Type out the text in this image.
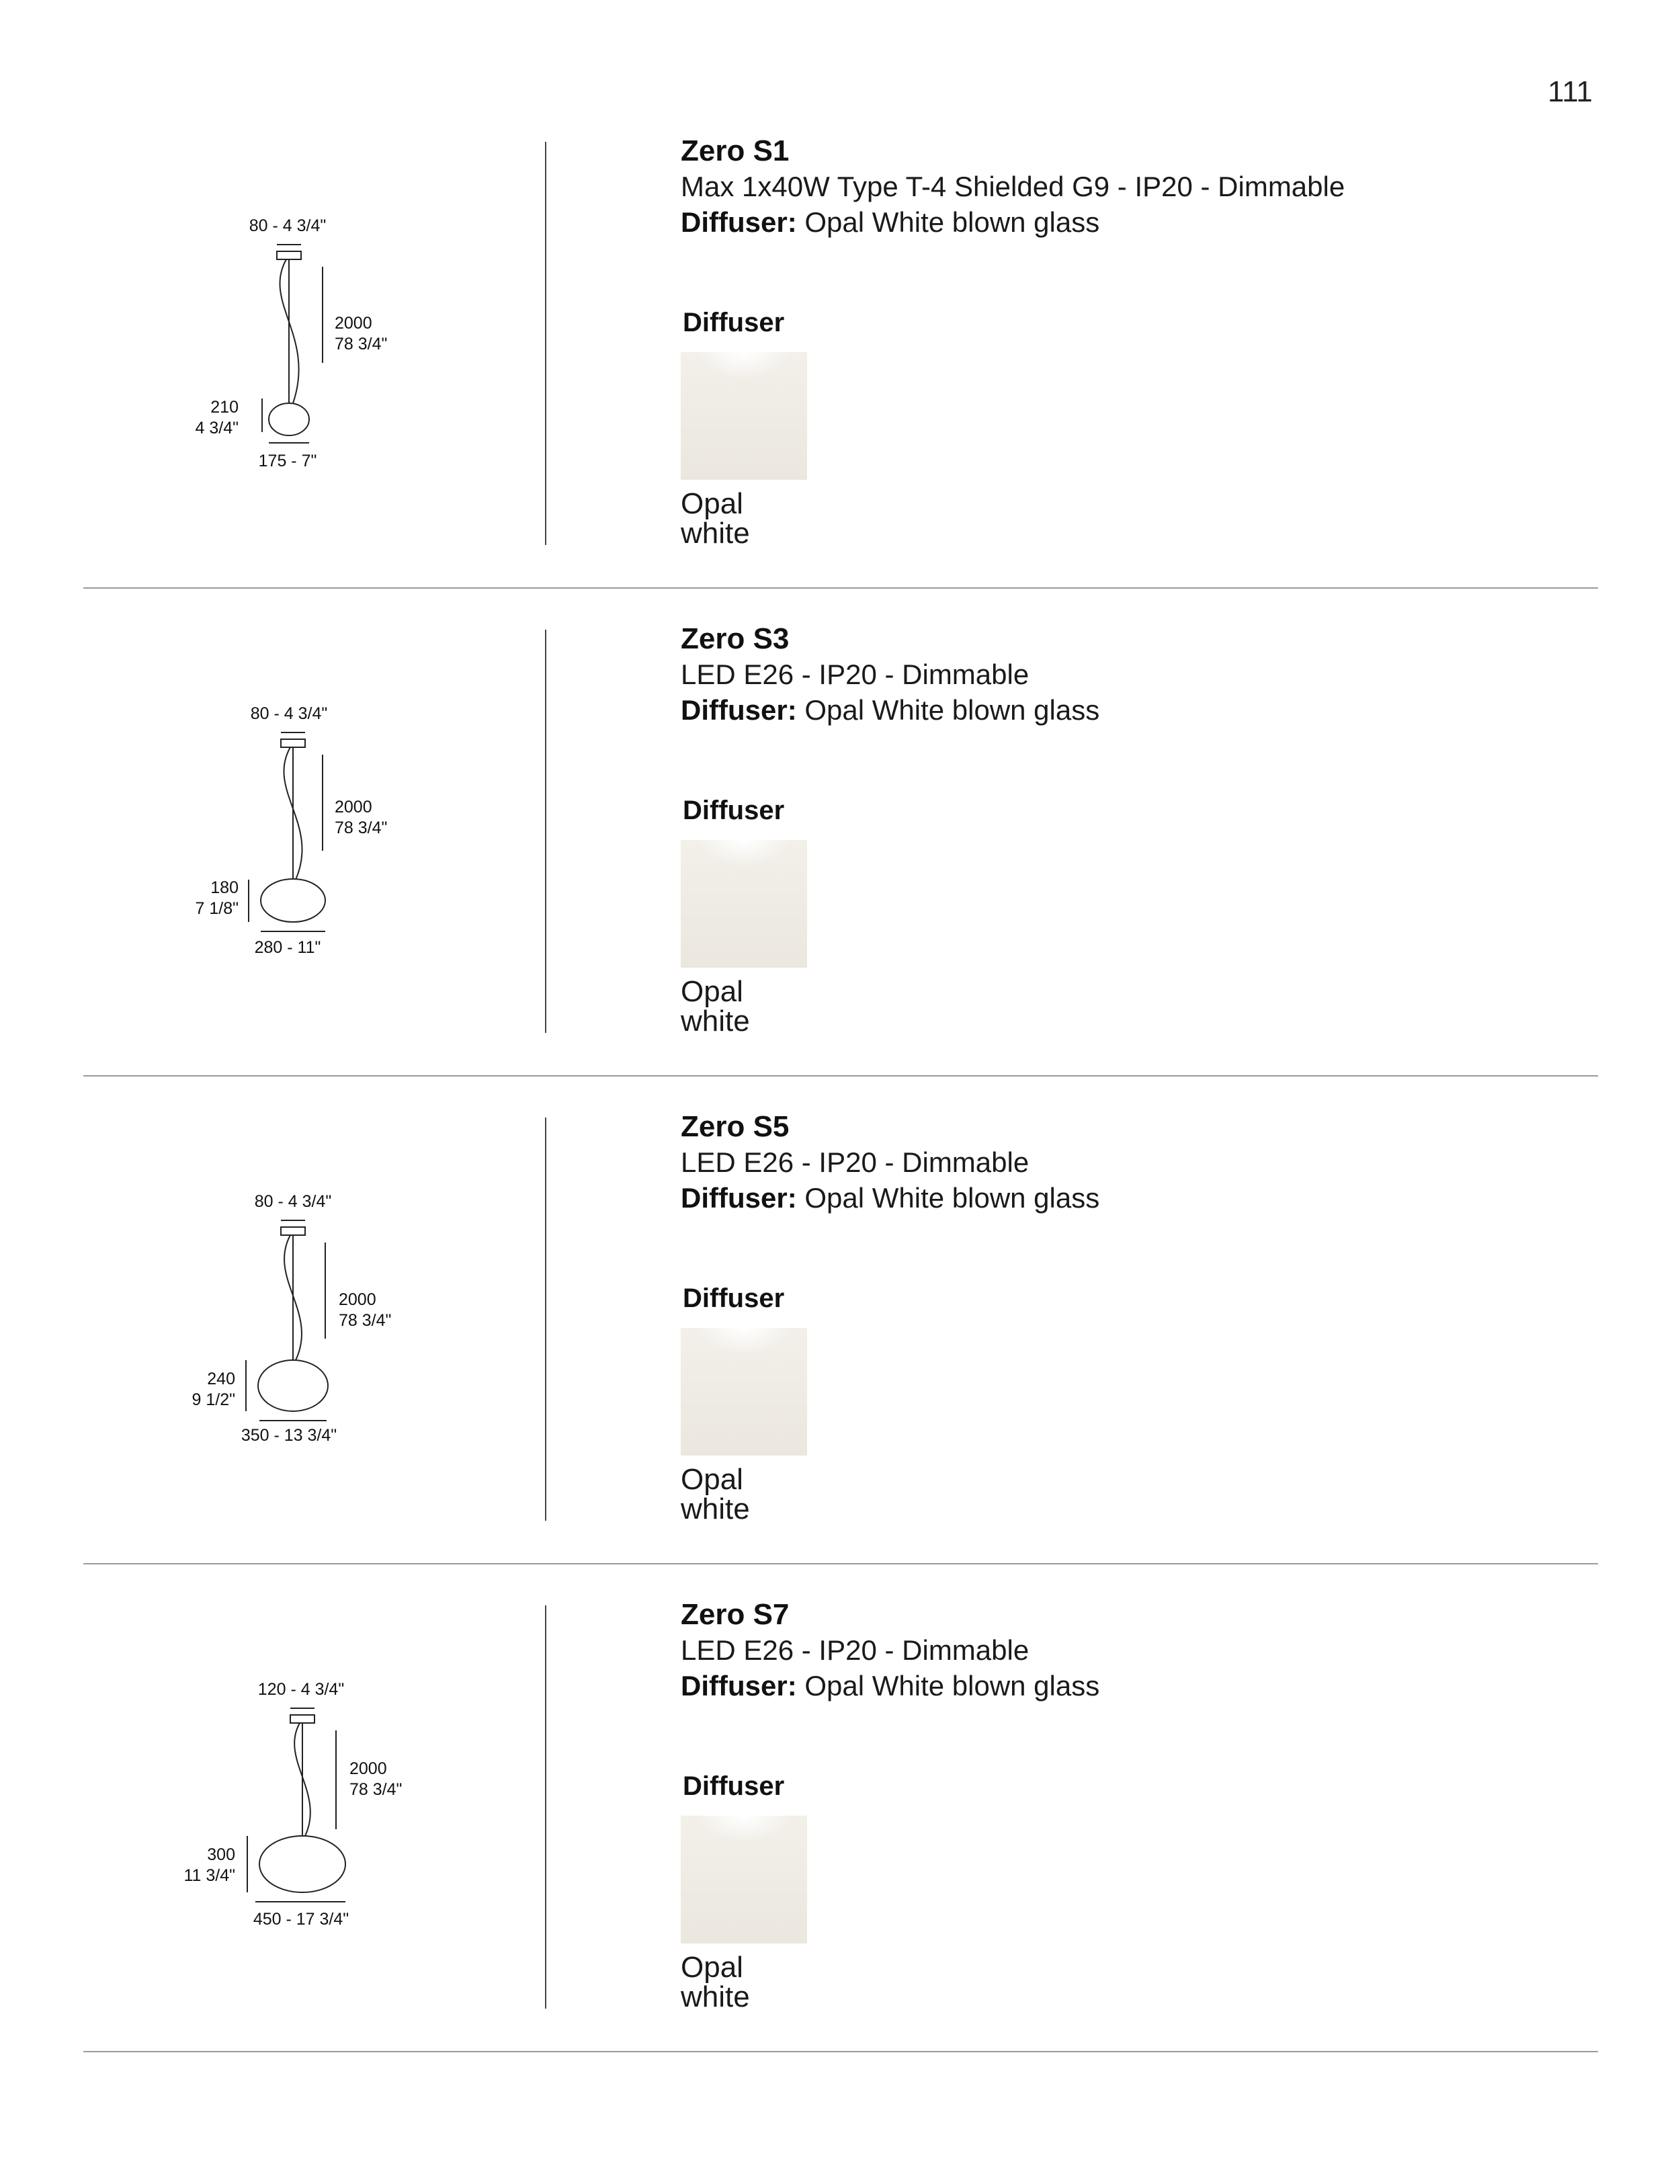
111
80 - 4 3/4"
2000
78 3/4"
210
4 3/4"
175 - 7"
Zero S1
Max 1x40W Type T-4 Shielded G9 - IP20 - Dimmable
Diffuser: Opal White blown glass
Diffuser
Opal white
80 - 4 3/4"
2000
78 3/4"
180
7 1/8"
280 - 11"
Zero S3
LED E26 - IP20 - Dimmable
Diffuser: Opal White blown glass
Diffuser
Opal white
80 - 4 3/4"
2000
78 3/4"
240
9 1/2"
350 - 13 3/4"
Zero S5
LED E26 - IP20 - Dimmable
Diffuser: Opal White blown glass
Diffuser
Opal white
120 - 4 3/4"
2000
78 3/4"
300
11 3/4"
450 - 17 3/4"
Zero S7
LED E26 - IP20 - Dimmable
Diffuser: Opal White blown glass
Diffuser
Opal white
